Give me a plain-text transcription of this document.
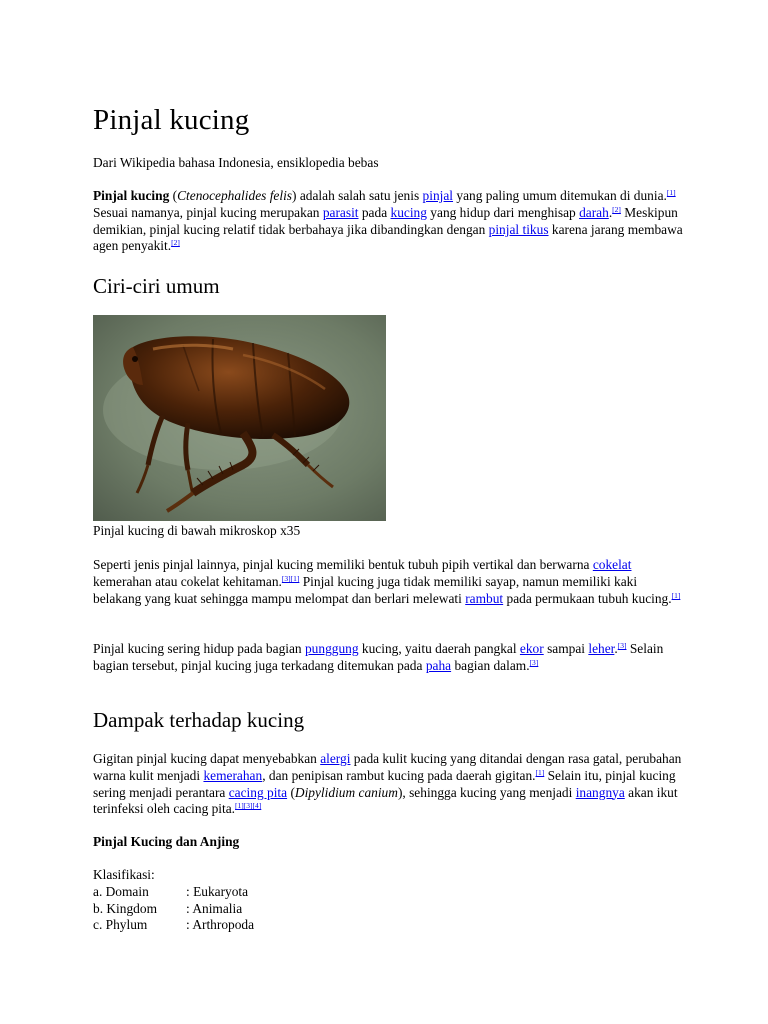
Pinjal kucing

Dari Wikipedia bahasa Indonesia, ensiklopedia bebas

Pinjal kucing (Ctenocephalides felis) adalah salah satu jenis pinjal yang paling umum ditemukan di dunia.[1] Sesuai namanya, pinjal kucing merupakan parasit pada kucing yang hidup dari menghisap darah.[2] Meskipun demikian, pinjal kucing relatif tidak berbahaya jika dibandingkan dengan pinjal tikus karena jarang membawa agen penyakit.[2]

Ciri-ciri umum
Pinjal kucing di bawah mikroskop x35

Seperti jenis pinjal lainnya, pinjal kucing memiliki bentuk tubuh pipih vertikal dan berwarna cokelat kemerahan atau cokelat kehitaman.[3][1] Pinjal kucing juga tidak memiliki sayap, namun memiliki kaki belakang yang kuat sehingga mampu melompat dan berlari melewati rambut pada permukaan tubuh kucing.[1]

Pinjal kucing sering hidup pada bagian punggung kucing, yaitu daerah pangkal ekor sampai leher.[3] Selain bagian tersebut, pinjal kucing juga terkadang ditemukan pada paha bagian dalam.[3]

Dampak terhadap kucing

Gigitan pinjal kucing dapat menyebabkan alergi pada kulit kucing yang ditandai dengan rasa gatal, perubahan warna kulit menjadi kemerahan, dan penipisan rambut kucing pada daerah gigitan.[1] Selain itu, pinjal kucing sering menjadi perantara cacing pita (Dipylidium canium), sehingga kucing yang menjadi inangnya akan ikut terinfeksi oleh cacing pita.[1][3][4]

Pinjal Kucing dan Anjing

Klasifikasi:
a. Domain	: Eukaryota
b. Kingdom : Animalia
c. Phylum	: Arthropoda
